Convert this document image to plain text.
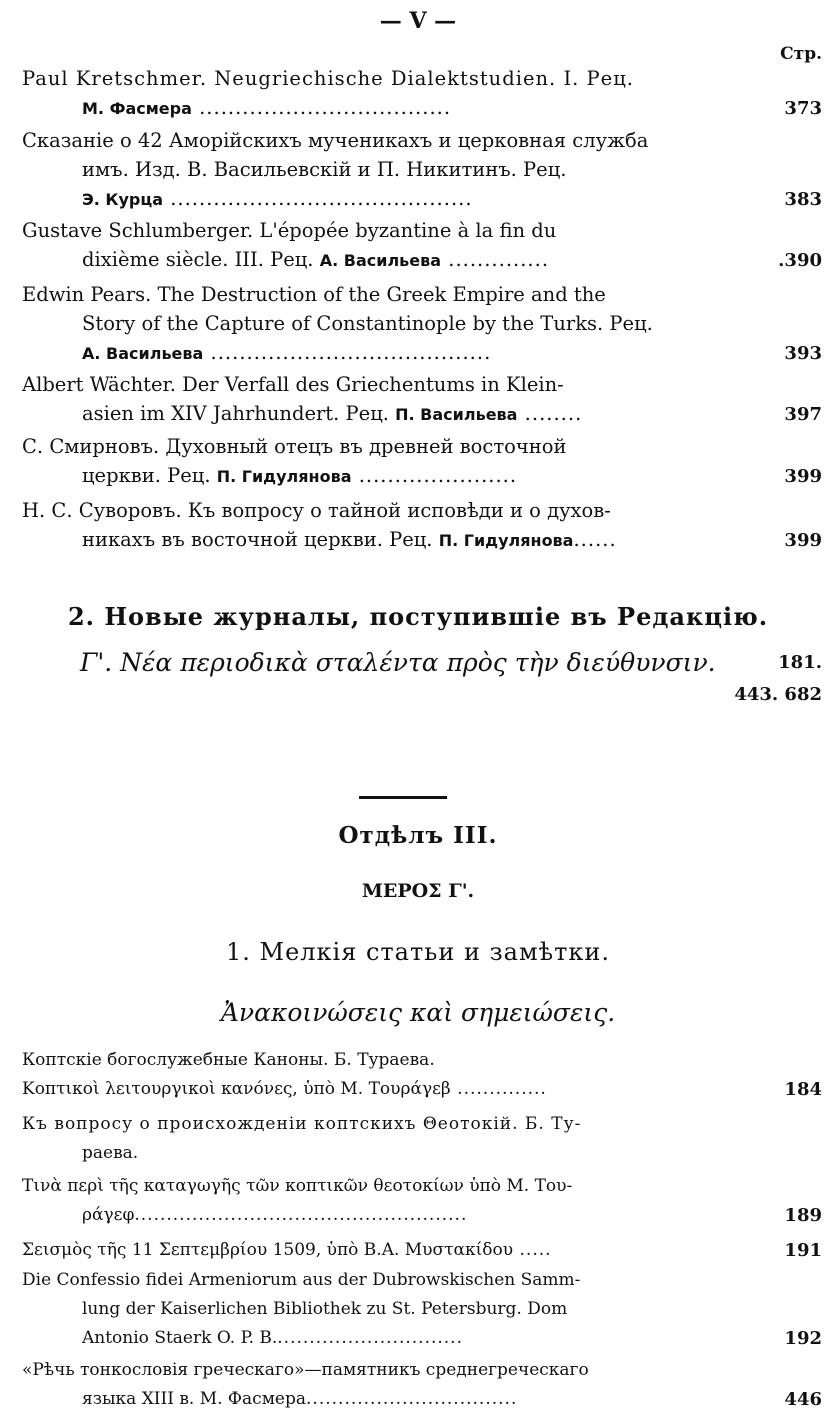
— V —
Стр.
Paul Kretschmer. Neugriechische Dialektstudien. I. Рец.
М. Фасмера ...................................	373
Сказаніе о 42 Аморійскихъ мученикахъ и церковная служба
имъ. Изд. В. Васильевскій и П. Никитинъ. Рец.
Э. Курца ..........................................	383
Gustave Schlumberger. L'épopée byzantine à la fin du
dixième siècle. III. Рец. А. Васильева ..............	.390
Edwin Pears. The Destruction of the Greek Empire and the
Story of the Capture of Constantinople by the Turks. Рец.
А. Васильева .......................................	393
Albert Wächter. Der Verfall des Griechentums in Klein-
asien im XIV Jahrhundert. Рец. П. Васильева ........	397
С. Смирновъ. Духовный отецъ въ древней восточной
церкви. Рец. П. Гидулянова ......................	399
Н. С. Суворовъ. Къ вопросу о тайной исповѣди и о духов-
никахъ въ восточной церкви. Рец. П. Гидулянова......	399
2. Новые журналы, поступившіе въ Редакцію.
Γ'. Νέα περιοδικὰ σταλέντα πρὸς τὴν διεύθυνσιν.	181.
443. 682
Отдѣлъ III.
ΜΕΡΟΣ Γ'.
1. Мелкія статьи и замѣтки.
Ἀνακοινώσεις καὶ σημειώσεις.
Коптскіе богослужебные Каноны. Б. Тураева.
Κοπτικοὶ λειτουργικοὶ κανόνες, ὑπὸ Μ. Τουράγεβ ..............	184
Къ вопросу о происхожденіи коптскихъ Θеотокій. Б. Ту-
раева.
Τινὰ περὶ τῆς καταγωγῆς τῶν κοπτικῶν θεοτοκίων ὑπὸ Μ. Του-
ράγεφ....................................................	189
Σεισμὸς τῆς 11 Σεπτεμβρίου 1509, ὑπὸ Β.Α. Μυστακίδου .....	191
Die Confessio fidei Armeniorum aus der Dubrowskischen Samm-
lung der Kaiserlichen Bibliothek zu St. Petersburg. Dom
Antonio Staerk O. P. B..............................	192
«Рѣчь тонкословія греческаго»—памятникъ среднегреческаго
языка XIII в. М. Фасмера.................................	446
